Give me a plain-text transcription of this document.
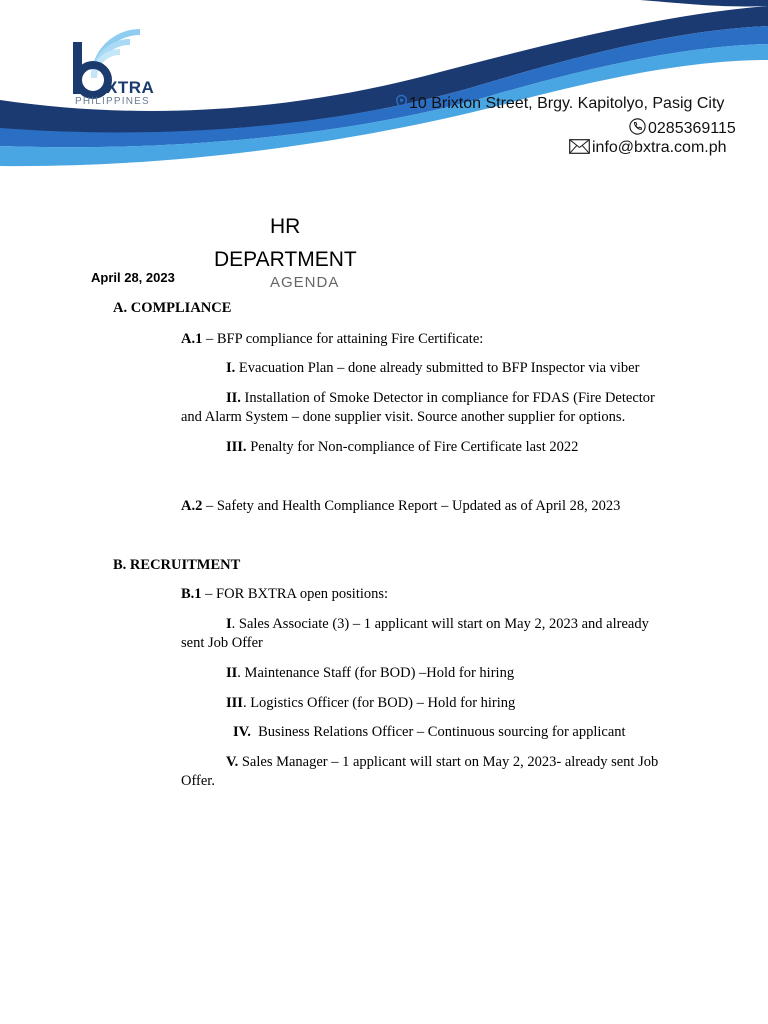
XTRA
PHILIPPINES	10 Brixton Street, Brgy. Kapitolyo, Pasig City
0285369115
info@bxtra.com.ph
HR
DEPARTMENT
AGENDA
April 28, 2023
A. COMPLIANCE
A.1 – BFP compliance for attaining Fire Certificate:
I. Evacuation Plan – done already submitted to BFP Inspector via viber
II. Installation of Smoke Detector in compliance for FDAS (Fire Detector
and Alarm System – done supplier visit. Source another supplier for options.
III. Penalty for Non-compliance of Fire Certificate last 2022
A.2 – Safety and Health Compliance Report – Updated as of April 28, 2023
B. RECRUITMENT
B.1 – FOR BXTRA open positions:
I. Sales Associate (3) – 1 applicant will start on May 2, 2023 and already
sent Job Offer
II. Maintenance Staff (for BOD) –Hold for hiring
III. Logistics Officer (for BOD) – Hold for hiring
IV.  Business Relations Officer – Continuous sourcing for applicant
V. Sales Manager – 1 applicant will start on May 2, 2023- already sent Job
Offer.
